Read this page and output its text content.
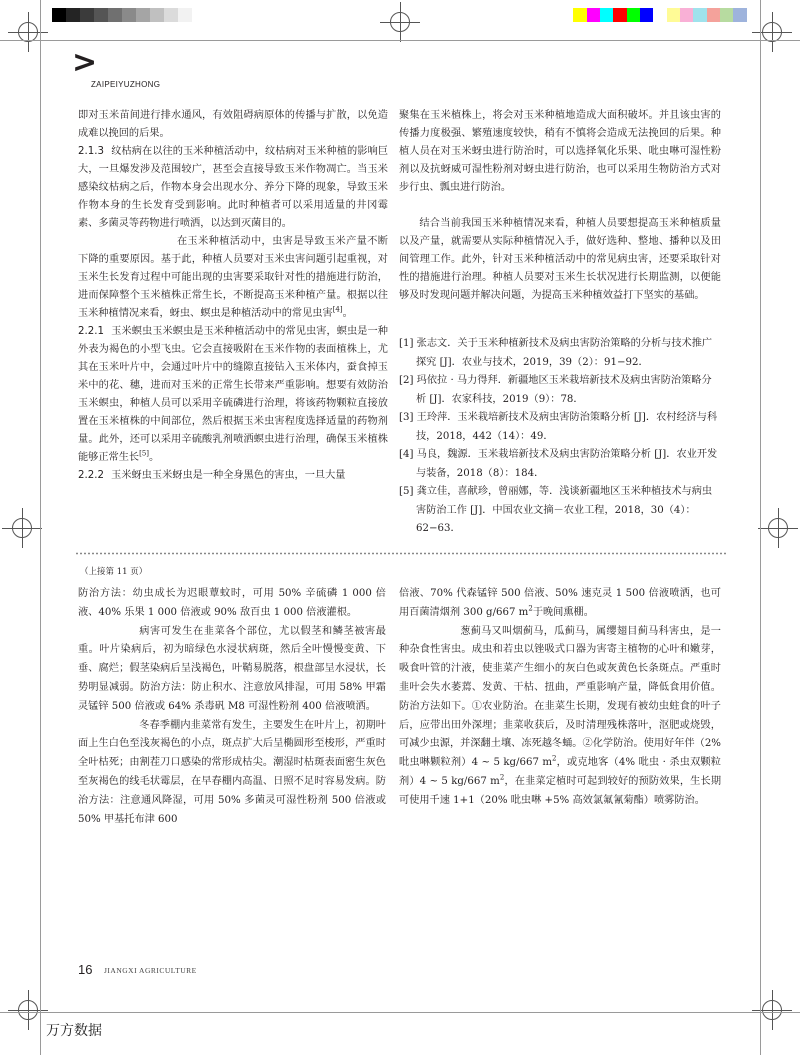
>
ZAIPEIYUZHONG

即对玉米苗间进行排水通风，有效阻碍病原体的传播与扩散，以免造成难以挽回的后果。

2.1.3 纹枯病在以往的玉米种植活动中，纹枯病对玉米种植的影响巨大，一旦爆发涉及范围较广，甚至会直接导致玉米作物凋亡。当玉米感染纹枯病之后，作物本身会出现水分、养分下降的现象，导致玉米作物本身的生长发育受到影响。此时种植者可以采用适量的井冈霉素、多菌灵等药物进行喷洒，以达到灭菌目的。

在玉米种植活动中，虫害是导致玉米产量不断下降的重要原因。基于此，种植人员要对玉米虫害问题引起重视，对玉米生长发育过程中可能出现的虫害要采取针对性的措施进行防治，进而保障整个玉米植株正常生长，不断提高玉米种植产量。根据以往玉米种植情况来看，蚜虫、螟虫是种植活动中的常见虫害[4]。

2.2.1 玉米螟虫玉米螟虫是玉米种植活动中的常见虫害，螟虫是一种外表为褐色的小型飞虫。它会直接吸附在玉米作物的表面植株上，尤其在玉米叶片中，会通过叶片中的缝隙直接钻入玉米体内，蚕食掉玉米中的花、穗，进而对玉米的正常生长带来严重影响。想要有效防治玉米螟虫，种植人员可以采用辛硫磷进行治理，将该药物颗粒直接放置在玉米植株的中间部位，然后根据玉米虫害程度选择适量的药物剂量。此外，还可以采用辛硫酸乳剂喷洒螟虫进行治理，确保玉米植株能够正常生长[5]。

2.2.2 玉米蚜虫玉米蚜虫是一种全身黑色的害虫，一旦大量

聚集在玉米植株上，将会对玉米种植地造成大面积破坏。并且该虫害的传播力度极强、繁殖速度较快，稍有不慎将会造成无法挽回的后果。种植人员在对玉米蚜虫进行防治时，可以选择氧化乐果、吡虫啉可湿性粉剂以及抗蚜威可湿性粉剂对蚜虫进行防治，也可以采用生物防治方式对步行虫、瓢虫进行防治。

结合当前我国玉米种植情况来看，种植人员要想提高玉米种植质量以及产量，就需要从实际种植情况入手，做好选种、整地、播种以及田间管理工作。此外，针对玉米种植活动中的常见病虫害，还要采取针对性的措施进行治理。种植人员要对玉米生长状况进行长期监测，以便能够及时发现问题并解决问题，为提高玉米种植效益打下坚实的基础。

[1] 张志文．关于玉米种植新技术及病虫害防治策略的分析与技术推广探究 [J]．农业与技术，2019，39（2）：91−92．

[2] 玛依拉 · 马力得拜．新疆地区玉米栽培新技术及病虫害防治策略分析 [J]．农家科技，2019（9）：78．

[3] 王玲萍．玉米栽培新技术及病虫害防治策略分析 [J]．农村经济与科技，2018，442（14）：49．

[4] 马良，魏源．玉米栽培新技术及病虫害防治策略分析 [J]．农业开发与装备，2018（8）：184．

[5] 龚立佳，喜献珍，曾丽娜，等．浅谈新疆地区玉米种植技术与病虫害防治工作 [J]．中国农业文摘－农业工程，2018，30（4）：62−63．

（上接第 11 页）

防治方法：幼虫成长为迟眼蕈蚊时，可用 50% 辛硫磷 1 000 倍液、40% 乐果 1 000 倍液或 90% 敌百虫 1 000 倍液灌根。

病害可发生在韭菜各个部位，尤以假茎和鳞茎被害最重。叶片染病后，初为暗绿色水浸状病斑，然后全叶慢慢变黄、下垂、腐烂；假茎染病后呈浅褐色，叶鞘易脱落，根盘部呈水浸状，长势明显减弱。防治方法：防止积水、注意放风排湿，可用 58% 甲霜灵锰锌 500 倍液或 64% 杀毒矾 M8 可湿性粉剂 400 倍液喷洒。

冬春季棚内韭菜常有发生，主要发生在叶片上，初期叶面上生白色至浅灰褐色的小点，斑点扩大后呈椭圆形至梭形，严重时全叶枯死；由割茬刀口感染的常形成枯尖。潮湿时枯斑表面密生灰色至灰褐色的线毛状霉层，在早春棚内高温、日照不足时容易发病。防治方法：注意通风降湿，可用 50% 多菌灵可湿性粉剂 500 倍液或 50% 甲基托布津 600

倍液、70% 代森锰锌 500 倍液、50% 速克灵 1 500 倍液喷洒，也可用百菌清烟剂 300 g/667 $m^2$于晚间熏棚。

葱蓟马又叫烟蓟马，瓜蓟马，属缨翅目蓟马科害虫，是一种杂食性害虫。成虫和若虫以锉吸式口器为害寄主植物的心叶和嫩芽，吸食叶管的汁液，使韭菜产生细小的灰白色或灰黄色长条斑点。严重时韭叶会失水萎蔫、发黄、干枯、扭曲，严重影响产量，降低食用价值。防治方法如下。①农业防治。在韭菜生长期，发现有被幼虫蛀食的叶子后，应带出田外深埋；韭菜收获后，及时清理残株落叶，沤肥或烧毁，可减少虫源，并深翻土壤、冻死越冬蛹。②化学防治。使用好年伴（2% 吡虫啉颗粒剂）4 ~ 5 kg/667 $m^2$，或克地客（4% 吡虫 · 杀虫双颗粒剂）4 ~ 5 kg/667 $m^2$，在韭菜定植时可起到较好的预防效果，生长期可使用千速 1+1（20% 吡虫啉 +5% 高效氯氟氰菊酯）喷雾防治。

16 JIANGXI AGRICULTURE
万方数据
